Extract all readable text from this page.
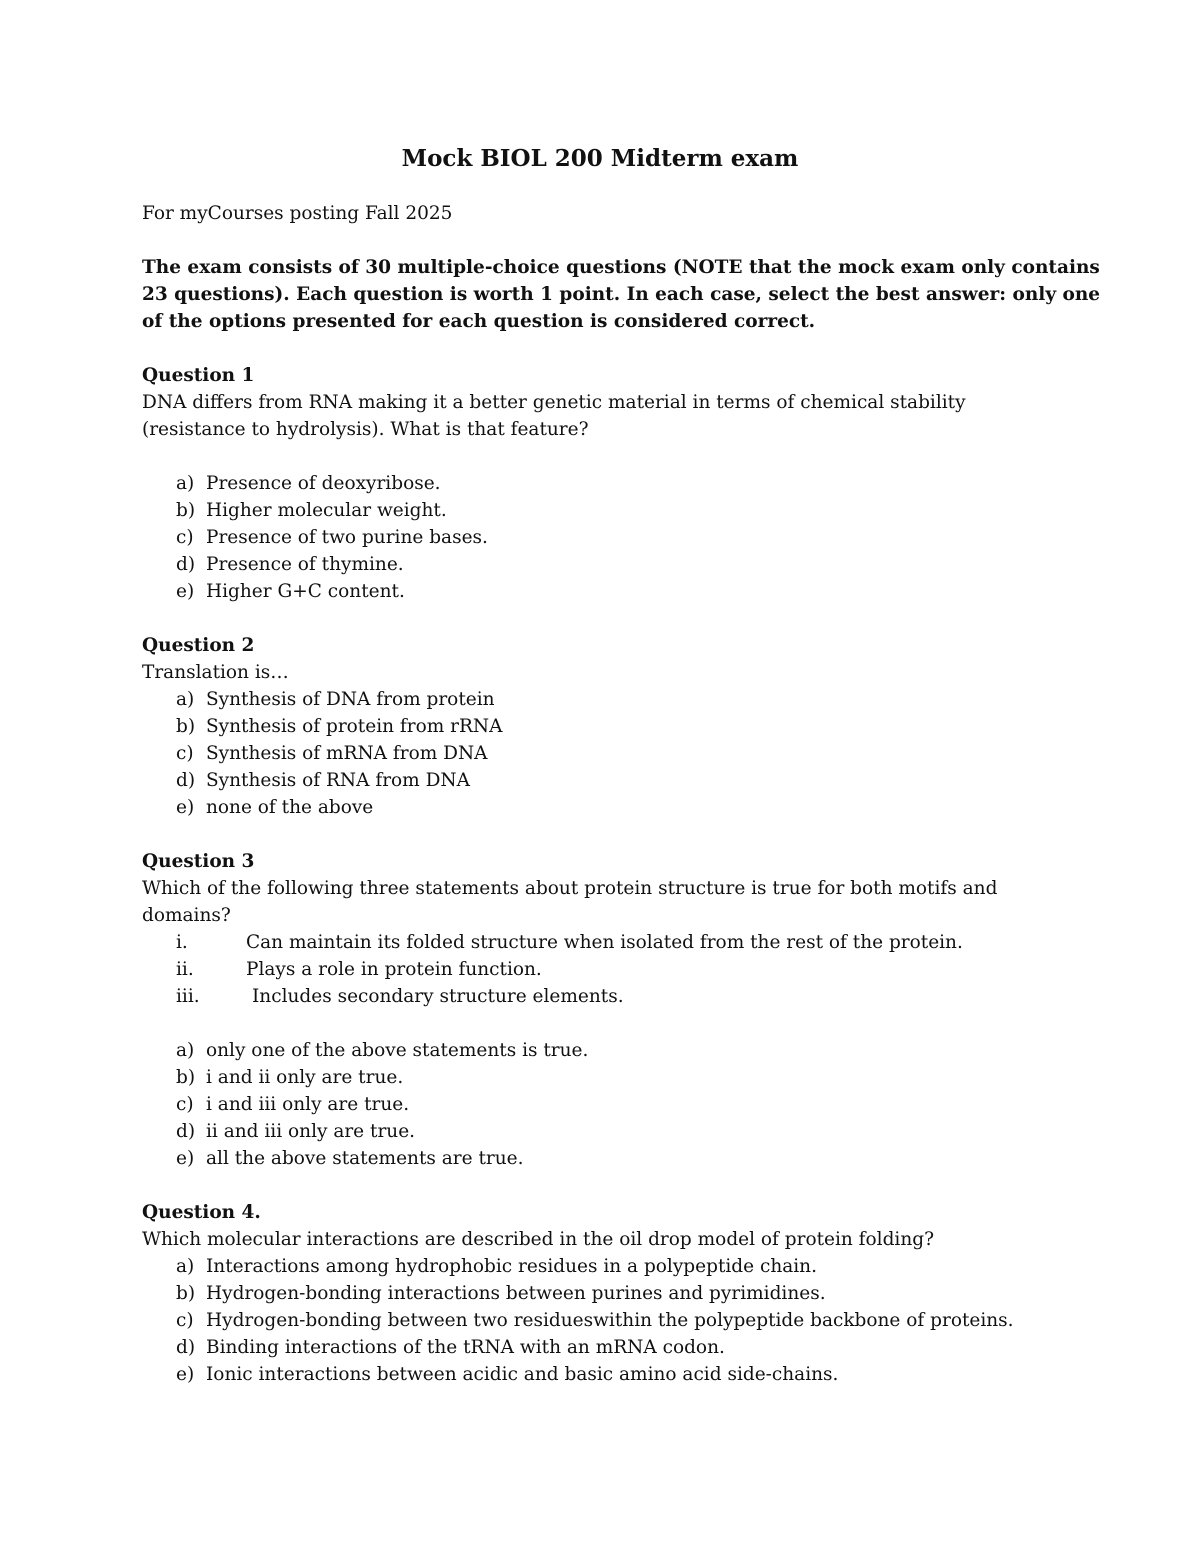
Mock BIOL 200 Midterm exam
For myCourses posting Fall 2025
The exam consists of 30 multiple-choice questions (NOTE that the mock exam only contains
23 questions). Each question is worth 1 point. In each case, select the best answer: only one
of the options presented for each question is considered correct.
Question 1
DNA differs from RNA making it a better genetic material in terms of chemical stability
(resistance to hydrolysis). What is that feature?
a) Presence of deoxyribose.
b) Higher molecular weight.
c) Presence of two purine bases.
d) Presence of thymine.
e) Higher G+C content.
Question 2
Translation is…
a) Synthesis of DNA from protein
b) Synthesis of protein from rRNA
c) Synthesis of mRNA from DNA
d) Synthesis of RNA from DNA
e) none of the above
Question 3
Which of the following three statements about protein structure is true for both motifs and
domains?
i.	Can maintain its folded structure when isolated from the rest of the protein.
ii.	Plays a role in protein function.
iii.	Includes secondary structure elements.
a) only one of the above statements is true.
b) i and ii only are true.
c) i and iii only are true.
d) ii and iii only are true.
e) all the above statements are true.
Question 4.
Which molecular interactions are described in the oil drop model of protein folding?
a) Interactions among hydrophobic residues in a polypeptide chain.
b) Hydrogen-bonding interactions between purines and pyrimidines.
c) Hydrogen-bonding between two residueswithin the polypeptide backbone of proteins.
d) Binding interactions of the tRNA with an mRNA codon.
e) Ionic interactions between acidic and basic amino acid side-chains.
